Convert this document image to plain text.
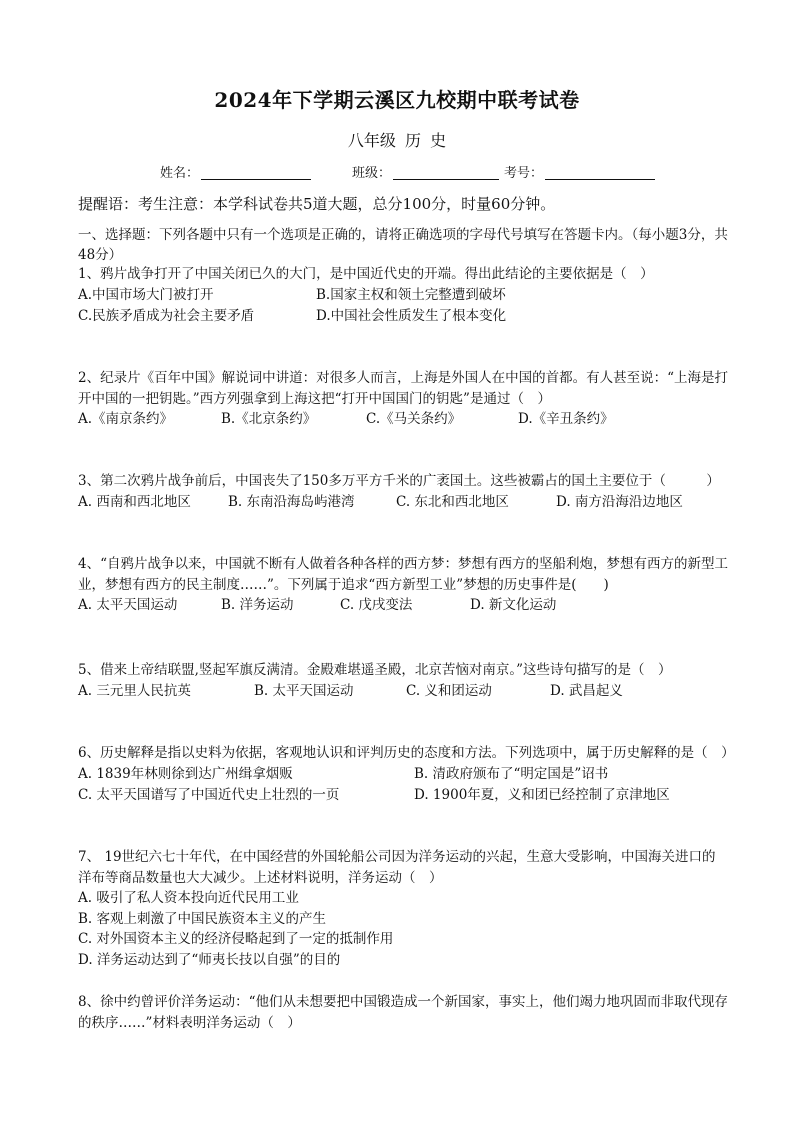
2024年下学期云溪区九校期中联考试卷
八年级 历 史
姓名：	班级：	考号：
提醒语：考生注意：本学科试卷共5道大题，总分100分，时量60分钟。
一、选择题：下列各题中只有一个选项是正确的，请将正确选项的字母代号填写在答题卡内。（每小题3分，共48分）

1、鸦片战争打开了中国关闭已久的大门，是中国近代史的开端。得出此结论的主要依据是（　）

A.中国市场大门被打开	B.国家主权和领土完整遭到破坏
C.民族矛盾成为社会主要矛盾	D.中国社会性质发生了根本变化

2、纪录片《百年中国》解说词中讲道：对很多人而言，上海是外国人在中国的首都。有人甚至说：“上海是打开中国的一把钥匙。”西方列强拿到上海这把“打开中国国门的钥匙”是通过（　）

A.《南京条约》	B.《北京条约》	C.《马关条约》	D.《辛丑条约》

3、第二次鸦片战争前后，中国丧失了150多万平方千米的广袤国土。这些被霸占的国土主要位于（　　　）

A. 西南和西北地区	B. 东南沿海岛屿港湾	C. 东北和西北地区	D. 南方沿海沿边地区

4、“自鸦片战争以来，中国就不断有人做着各种各样的西方梦：梦想有西方的坚船利炮，梦想有西方的新型工业，梦想有西方的民主制度……”。下列属于追求“西方新型工业”梦想的历史事件是(　　)

A. 太平天国运动	B. 洋务运动	C. 戊戌变法	D. 新文化运动

5、借来上帝结联盟,竖起军旗反满清。金殿难堪遥圣殿，北京苦恼对南京。”这些诗句描写的是（　）

A. 三元里人民抗英	B. 太平天国运动	C. 义和团运动	D. 武昌起义

6、历史解释是指以史料为依据，客观地认识和评判历史的态度和方法。下列选项中，属于历史解释的是（　）

A. 1839年林则徐到达广州缉拿烟贩	B. 清政府颁布了“明定国是”诏书
C. 太平天国谱写了中国近代史上壮烈的一页	D. 1900年夏，义和团已经控制了京津地区

7、 19世纪六七十年代，在中国经营的外国轮船公司因为洋务运动的兴起，生意大受影响，中国海关进口的洋布等商品数量也大大减少。上述材料说明，洋务运动（　）

A. 吸引了私人资本投向近代民用工业

B. 客观上刺激了中国民族资本主义的产生

C. 对外国资本主义的经济侵略起到了一定的抵制作用

D. 洋务运动达到了“师夷长技以自强”的目的

8、徐中约曾评价洋务运动：“他们从未想要把中国锻造成一个新国家，事实上，他们竭力地巩固而非取代现存的秩序……”材料表明洋务运动（　）
